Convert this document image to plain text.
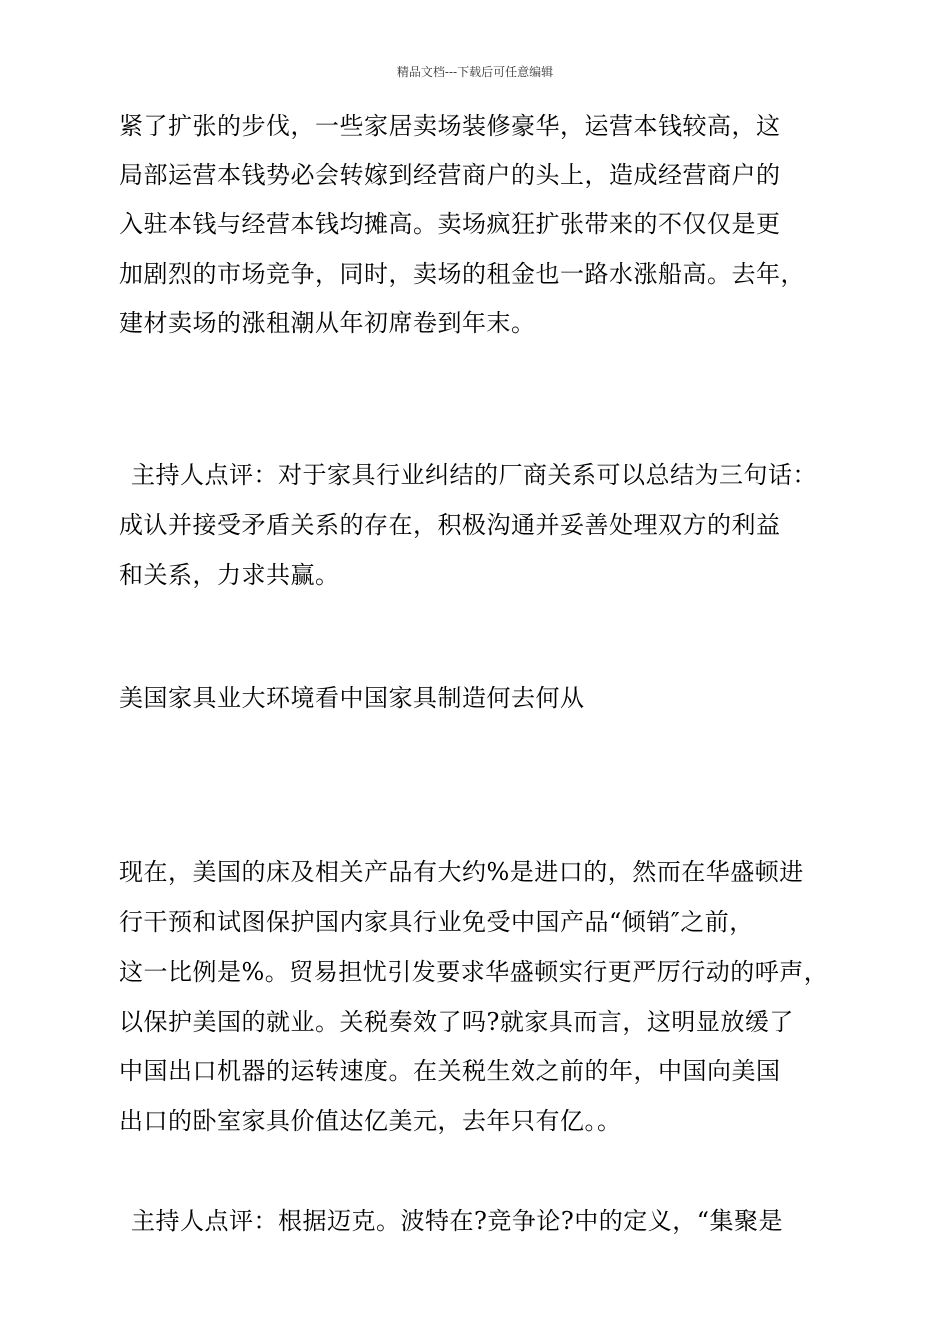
精品文档---下载后可任意编辑
紧了扩张的步伐，一些家居卖场装修豪华，运营本钱较高，这
局部运营本钱势必会转嫁到经营商户的头上，造成经营商户的
入驻本钱与经营本钱均摊高。卖场疯狂扩张带来的不仅仅是更
加剧烈的市场竞争，同时，卖场的租金也一路水涨船高。去年，
建材卖场的涨租潮从年初席卷到年末。
主持人点评：对于家具行业纠结的厂商关系可以总结为三句话：
成认并接受矛盾关系的存在，积极沟通并妥善处理双方的利益
和关系，力求共赢。
美国家具业大环境看中国家具制造何去何从
现在，美国的床及相关产品有大约%是进口的，然而在华盛顿进
行干预和试图保护国内家具行业免受中国产品“倾销″之前，
这一比例是%。贸易担忧引发要求华盛顿实行更严厉行动的呼声，
以保护美国的就业。关税奏效了吗?就家具而言，这明显放缓了
中国出口机器的运转速度。在关税生效之前的年，中国向美国
出口的卧室家具价值达亿美元，去年只有亿。。
主持人点评：根据迈克。波特在?竞争论?中的定义，“集聚是
